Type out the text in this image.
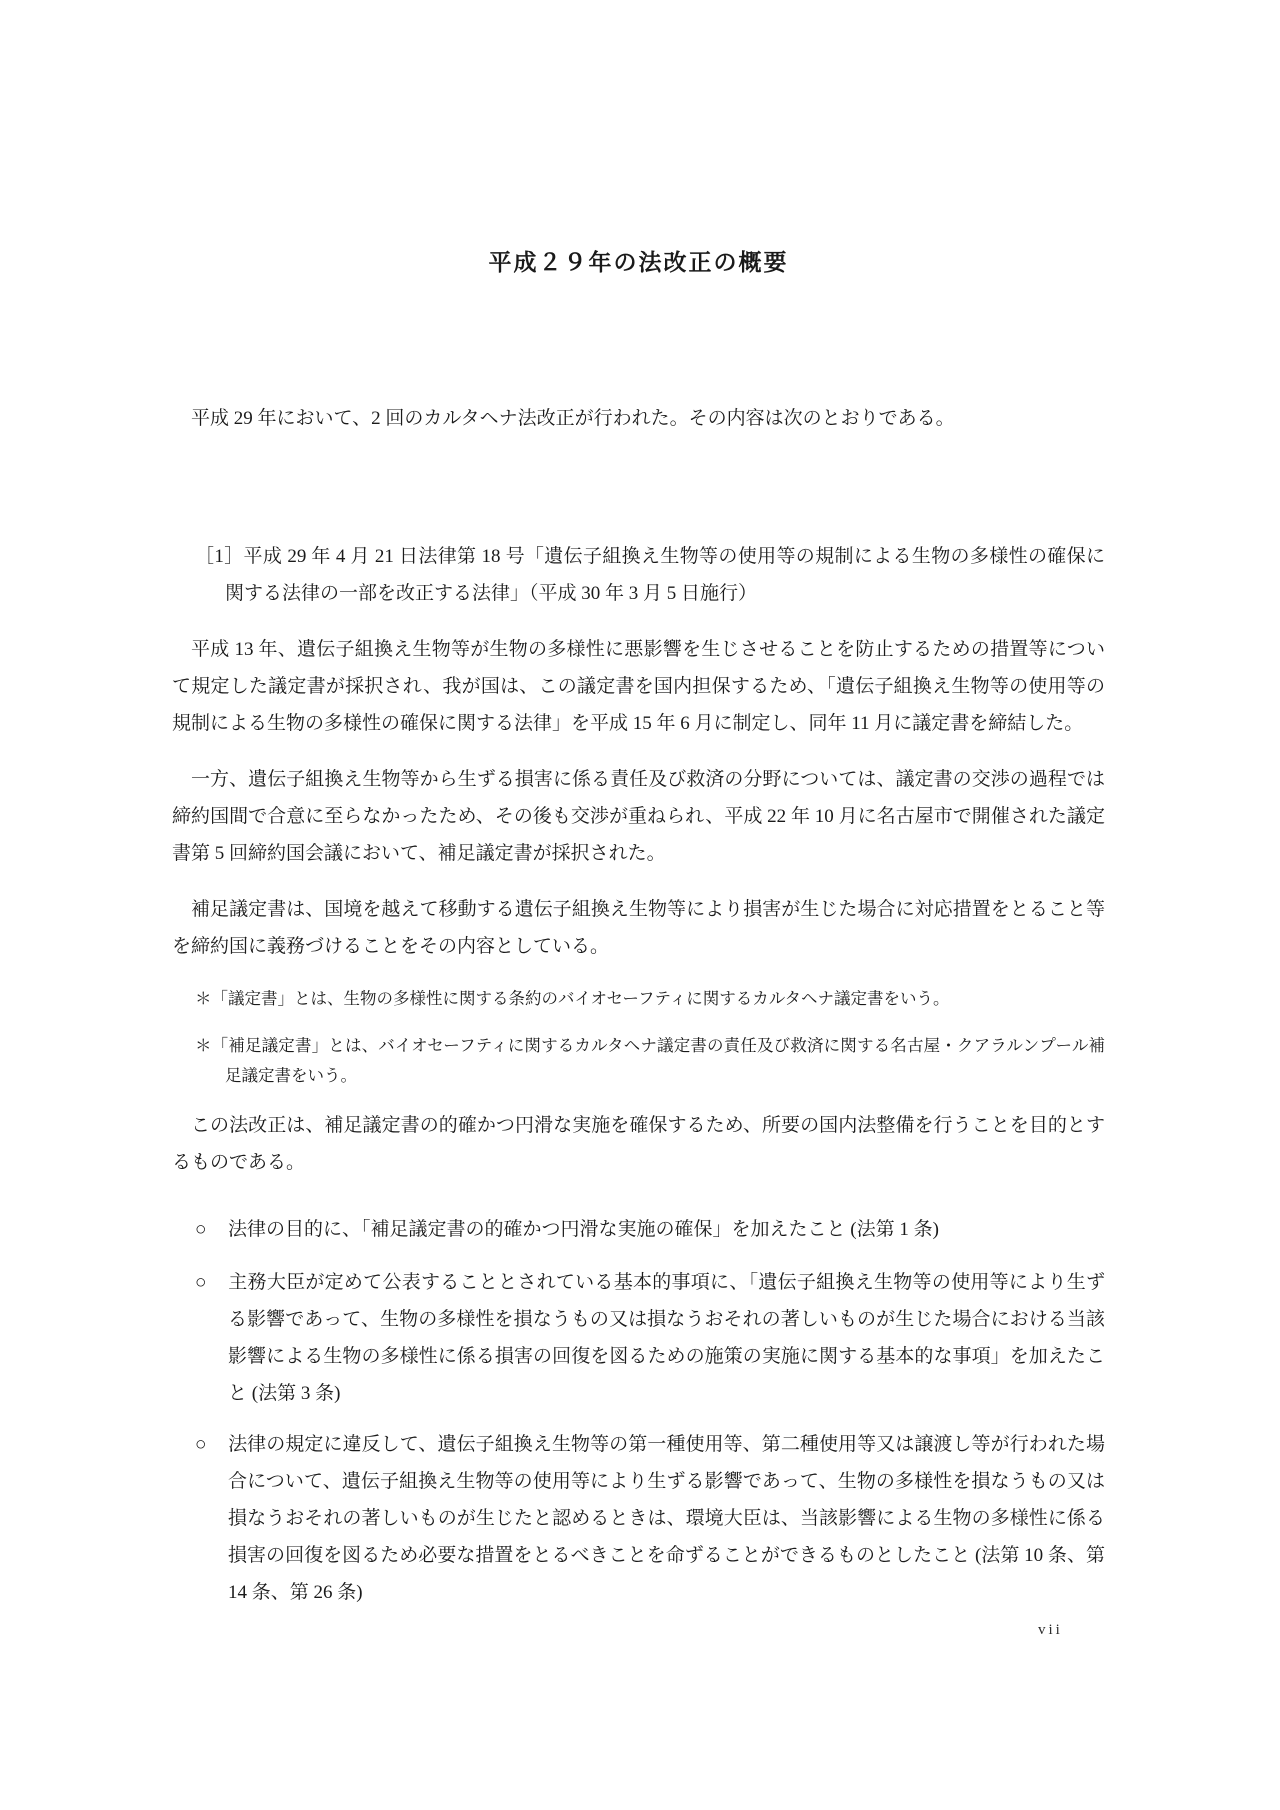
平成２９年の法改正の概要

平成 29 年において、2 回のカルタヘナ法改正が行われた。その内容は次のとおりである。

［1］平成 29 年 4 月 21 日法律第 18 号「遺伝子組換え生物等の使用等の規制による生物の多様性の確保に関する法律の一部を改正する法律」（平成 30 年 3 月 5 日施行）

平成 13 年、遺伝子組換え生物等が生物の多様性に悪影響を生じさせることを防止するための措置等について規定した議定書が採択され、我が国は、この議定書を国内担保するため、「遺伝子組換え生物等の使用等の規制による生物の多様性の確保に関する法律」を平成 15 年 6 月に制定し、同年 11 月に議定書を締結した。

一方、遺伝子組換え生物等から生ずる損害に係る責任及び救済の分野については、議定書の交渉の過程では締約国間で合意に至らなかったため、その後も交渉が重ねられ、平成 22 年 10 月に名古屋市で開催された議定書第 5 回締約国会議において、補足議定書が採択された。

補足議定書は、国境を越えて移動する遺伝子組換え生物等により損害が生じた場合に対応措置をとること等を締約国に義務づけることをその内容としている。

＊「議定書」とは、生物の多様性に関する条約のバイオセーフティに関するカルタヘナ議定書をいう。

＊「補足議定書」とは、バイオセーフティに関するカルタヘナ議定書の責任及び救済に関する名古屋・クアラルンプール補足議定書をいう。

この法改正は、補足議定書の的確かつ円滑な実施を確保するため、所要の国内法整備を行うことを目的とするものである。

○ 法律の目的に、「補足議定書の的確かつ円滑な実施の確保」を加えたこと (法第 1 条)
○ 主務大臣が定めて公表することとされている基本的事項に、「遺伝子組換え生物等の使用等により生ずる影響であって、生物の多様性を損なうもの又は損なうおそれの著しいものが生じた場合における当該影響による生物の多様性に係る損害の回復を図るための施策の実施に関する基本的な事項」を加えたこと (法第 3 条)
○ 法律の規定に違反して、遺伝子組換え生物等の第一種使用等、第二種使用等又は譲渡し等が行われた場合について、遺伝子組換え生物等の使用等により生ずる影響であって、生物の多様性を損なうもの又は損なうおそれの著しいものが生じたと認めるときは、環境大臣は、当該影響による生物の多様性に係る損害の回復を図るため必要な措置をとるべきことを命ずることができるものとしたこと (法第 10 条、第 14 条、第 26 条)
vii
